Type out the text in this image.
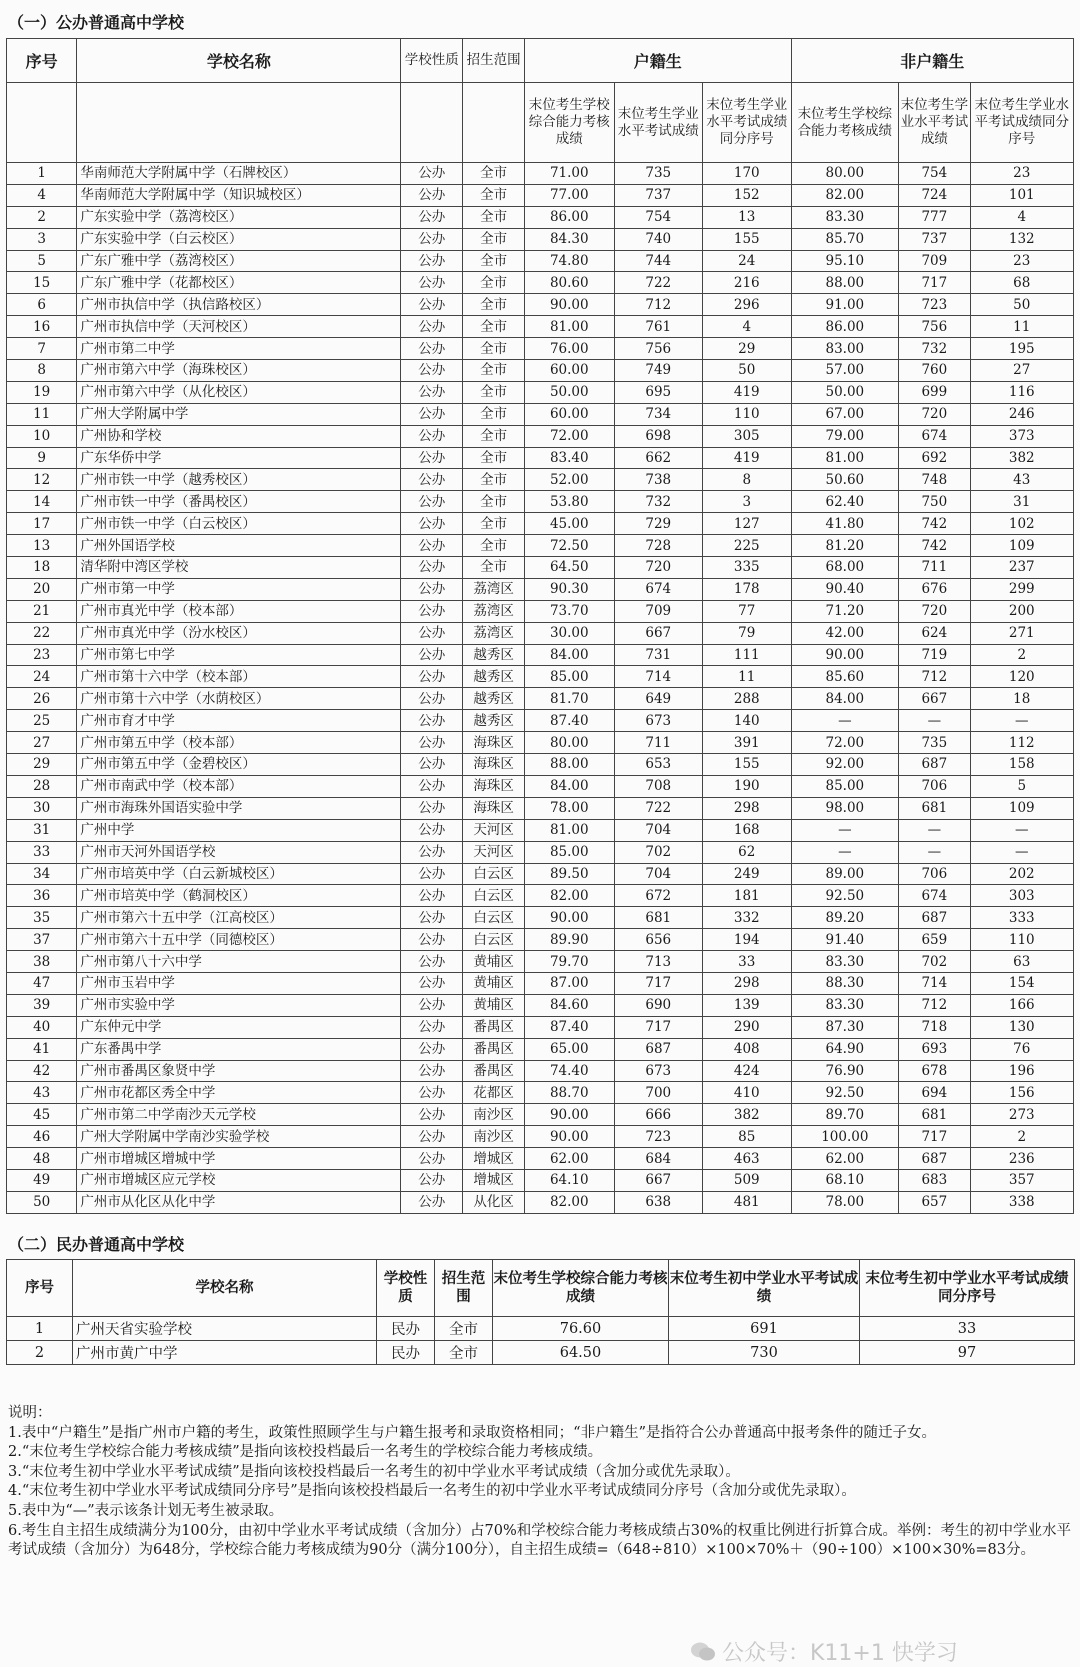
（一）公办普通高中学校
序号	学校名称	学校性质	招生范围	户籍生			非户籍生		
				末位考生学校综合能力考核成绩	末位考生学业水平考试成绩	末位考生学业水平考试成绩同分序号	末位考生学校综合能力考核成绩	末位考生学业水平考试成绩	末位考生学业水平考试成绩同分序号
1	华南师范大学附属中学（石牌校区）	公办	全市	71.00	735	170	80.00	754	23
4	华南师范大学附属中学（知识城校区）	公办	全市	77.00	737	152	82.00	724	101
2	广东实验中学（荔湾校区）	公办	全市	86.00	754	13	83.30	777	4
3	广东实验中学（白云校区）	公办	全市	84.30	740	155	85.70	737	132
5	广东广雅中学（荔湾校区）	公办	全市	74.80	744	24	95.10	709	23
15	广东广雅中学（花都校区）	公办	全市	80.60	722	216	88.00	717	68
6	广州市执信中学（执信路校区）	公办	全市	90.00	712	296	91.00	723	50
16	广州市执信中学（天河校区）	公办	全市	81.00	761	4	86.00	756	11
7	广州市第二中学	公办	全市	76.00	756	29	83.00	732	195
8	广州市第六中学（海珠校区）	公办	全市	60.00	749	50	57.00	760	27
19	广州市第六中学（从化校区）	公办	全市	50.00	695	419	50.00	699	116
11	广州大学附属中学	公办	全市	60.00	734	110	67.00	720	246
10	广州协和学校	公办	全市	72.00	698	305	79.00	674	373
9	广东华侨中学	公办	全市	83.40	662	419	81.00	692	382
12	广州市铁一中学（越秀校区）	公办	全市	52.00	738	8	50.60	748	43
14	广州市铁一中学（番禺校区）	公办	全市	53.80	732	3	62.40	750	31
17	广州市铁一中学（白云校区）	公办	全市	45.00	729	127	41.80	742	102
13	广州外国语学校	公办	全市	72.50	728	225	81.20	742	109
18	清华附中湾区学校	公办	全市	64.50	720	335	68.00	711	237
20	广州市第一中学	公办	荔湾区	90.30	674	178	90.40	676	299
21	广州市真光中学（校本部）	公办	荔湾区	73.70	709	77	71.20	720	200
22	广州市真光中学（汾水校区）	公办	荔湾区	30.00	667	79	42.00	624	271
23	广州市第七中学	公办	越秀区	84.00	731	111	90.00	719	2
24	广州市第十六中学（校本部）	公办	越秀区	85.00	714	11	85.60	712	120
26	广州市第十六中学（水荫校区）	公办	越秀区	81.70	649	288	84.00	667	18
25	广州市育才中学	公办	越秀区	87.40	673	140	—	—	—
27	广州市第五中学（校本部）	公办	海珠区	80.00	711	391	72.00	735	112
29	广州市第五中学（金碧校区）	公办	海珠区	88.00	653	155	92.00	687	158
28	广州市南武中学（校本部）	公办	海珠区	84.00	708	190	85.00	706	5
30	广州市海珠外国语实验中学	公办	海珠区	78.00	722	298	98.00	681	109
31	广州中学	公办	天河区	81.00	704	168	—	—	—
33	广州市天河外国语学校	公办	天河区	85.00	702	62	—	—	—
34	广州市培英中学（白云新城校区）	公办	白云区	89.50	704	249	89.00	706	202
36	广州市培英中学（鹤洞校区）	公办	白云区	82.00	672	181	92.50	674	303
35	广州市第六十五中学（江高校区）	公办	白云区	90.00	681	332	89.20	687	333
37	广州市第六十五中学（同德校区）	公办	白云区	89.90	656	194	91.40	659	110
38	广州市第八十六中学	公办	黄埔区	79.70	713	33	83.30	702	63
47	广州市玉岩中学	公办	黄埔区	87.00	717	298	88.30	714	154
39	广州市实验中学	公办	黄埔区	84.60	690	139	83.30	712	166
40	广东仲元中学	公办	番禺区	87.40	717	290	87.30	718	130
41	广东番禺中学	公办	番禺区	65.00	687	408	64.90	693	76
42	广州市番禺区象贤中学	公办	番禺区	74.40	673	424	76.90	678	196
43	广州市花都区秀全中学	公办	花都区	88.70	700	410	92.50	694	156
45	广州市第二中学南沙天元学校	公办	南沙区	90.00	666	382	89.70	681	273
46	广州大学附属中学南沙实验学校	公办	南沙区	90.00	723	85	100.00	717	2
48	广州市增城区增城中学	公办	增城区	62.00	684	463	62.00	687	236
49	广州市增城区应元学校	公办	增城区	64.10	667	509	68.10	683	357
50	广州市从化区从化中学	公办	从化区	82.00	638	481	78.00	657	338
（二）民办普通高中学校
序号	学校名称	学校性质	招生范围	末位考生学校综合能力考核成绩	末位考生初中学业水平考试成绩	末位考生初中学业水平考试成绩同分序号
1	广州天省实验学校	民办	全市	76.60	691	33
2	广州市黄广中学	民办	全市	64.50	730	97

说明：

1.表中“户籍生”是指广州市户籍的考生，政策性照顾学生与户籍生报考和录取资格相同；“非户籍生”是指符合公办普通高中报考条件的随迁子女。

2.“末位考生学校综合能力考核成绩”是指向该校投档最后一名考生的学校综合能力考核成绩。

3.“末位考生初中学业水平考试成绩”是指向该校投档最后一名考生的初中学业水平考试成绩（含加分或优先录取）。

4.“末位考生初中学业水平考试成绩同分序号”是指向该校投档最后一名考生的初中学业水平考试成绩同分序号（含加分或优先录取）。

5.表中为“—”表示该条计划无考生被录取。

6.考生自主招生成绩满分为100分，由初中学业水平考试成绩（含加分）占70%和学校综合能力考核成绩占30%的权重比例进行折算合成。举例：考生的初中学业水平考试成绩（含加分）为648分，学校综合能力考核成绩为90分（满分100分），自主招生成绩=（648÷810）×100×70%＋（90÷100）×100×30%=83分。

公众号：K11+1 快学习
